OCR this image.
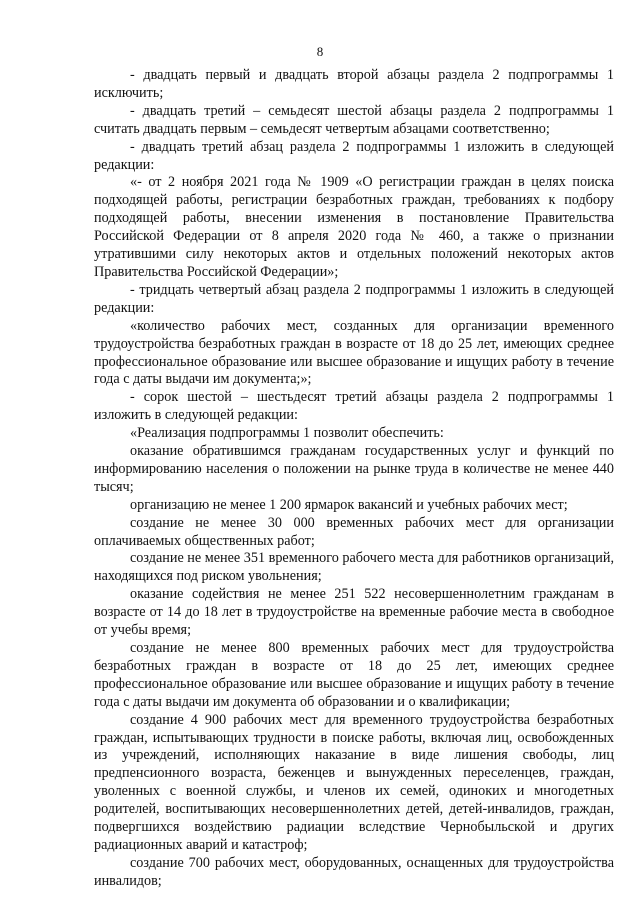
8

- двадцать первый и двадцать второй абзацы раздела 2 подпрограммы 1 исключить;

- двадцать третий – семьдесят шестой абзацы раздела 2 подпрограммы 1 считать двадцать первым – семьдесят четвертым абзацами соответственно;

- двадцать третий абзац раздела 2 подпрограммы 1 изложить в следующей редакции:

«- от 2 ноября 2021 года № 1909 «О регистрации граждан в целях поиска подходящей работы, регистрации безработных граждан, требованиях к подбору подходящей работы, внесении изменения в постановление Правительства Российской Федерации от 8 апреля 2020 года № 460, а также о признании утратившими силу некоторых актов и отдельных положений некоторых актов Правительства Российской Федерации»;

- тридцать четвертый абзац раздела 2 подпрограммы 1 изложить в следующей редакции:

«количество рабочих мест, созданных для организации временного трудоустройства безработных граждан в возрасте от 18 до 25 лет, имеющих среднее профессиональное образование или высшее образование и ищущих работу в течение года с даты выдачи им документа;»;

- сорок шестой – шестьдесят третий абзацы раздела 2 подпрограммы 1 изложить в следующей редакции:

«Реализация подпрограммы 1 позволит обеспечить:

оказание обратившимся гражданам государственных услуг и функций по информированию населения о положении на рынке труда в количестве не менее 440 тысяч;

организацию не менее 1 200 ярмарок вакансий и учебных рабочих мест;

создание не менее 30 000 временных рабочих мест для организации оплачиваемых общественных работ;

создание не менее 351 временного рабочего места для работников организаций, находящихся под риском увольнения;

оказание содействия не менее 251 522 несовершеннолетним гражданам в возрасте от 14 до 18 лет в трудоустройстве на временные рабочие места в свободное от учебы время;

создание не менее 800 временных рабочих мест для трудоустройства безработных граждан в возрасте от 18 до 25 лет, имеющих среднее профессиональное образование или высшее образование и ищущих работу в течение года с даты выдачи им документа об образовании и о квалификации;

создание 4 900 рабочих мест для временного трудоустройства безработных граждан, испытывающих трудности в поиске работы, включая лиц, освобожденных из учреждений, исполняющих наказание в виде лишения свободы, лиц предпенсионного возраста, беженцев и вынужденных переселенцев, граждан, уволенных с военной службы, и членов их семей, одиноких и многодетных родителей, воспитывающих несовершеннолетних детей, детей-инвалидов, граждан, подвергшихся воздействию радиации вследствие Чернобыльской и других радиационных аварий и катастроф;

создание 700 рабочих мест, оборудованных, оснащенных для трудоустройства инвалидов;
